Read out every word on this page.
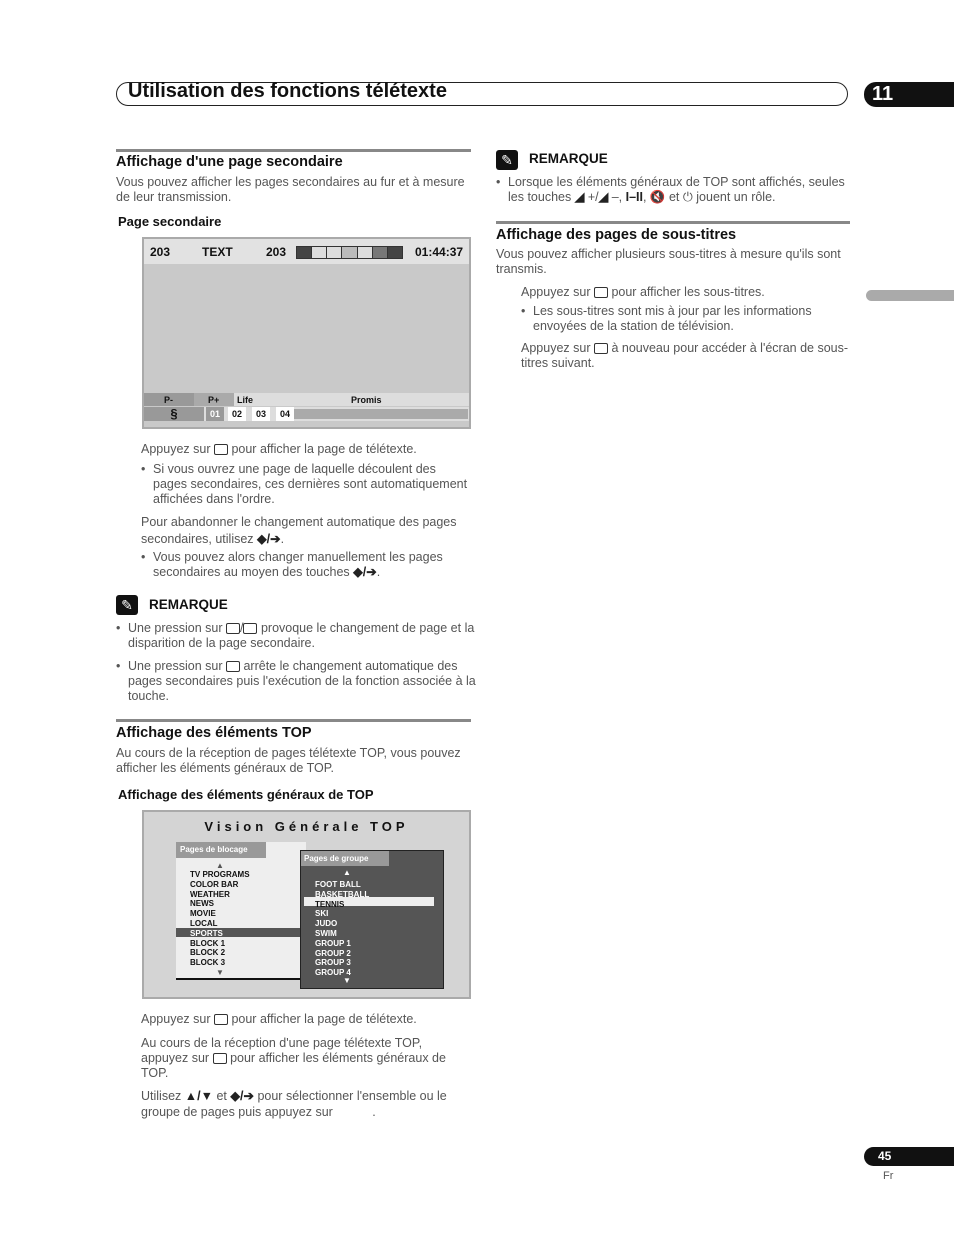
Utilisation des fonctions télétexte	11
Affichage d'une page secondaire
Vous pouvez afficher les pages secondaires au fur et à mesure de leur transmission.
Page secondaire
203	TEXT	203	01:44:37
P-	P+ Life	Promis
§	01	02	03	04
Appuyez sur pour afficher la page de télétexte.
• Si vous ouvrez une page de laquelle découlent des pages secondaires, ces dernières sont automatiquement affichées dans l'ordre.
Pour abandonner le changement automatique des pages secondaires, utilisez ◆/➔.
• Vous pouvez alors changer manuellement les pages secondaires au moyen des touches ◆/➔.
✎	REMARQUE
• Une pression sur / provoque le changement de page et la disparition de la page secondaire.
• Une pression sur arrête le changement automatique des pages secondaires puis l'exécution de la fonction associée à la touche.
Affichage des éléments TOP
Au cours de la réception de pages télétexte TOP, vous pouvez afficher les éléments généraux de TOP.
Affichage des éléments généraux de TOP
Vision Générale TOP
Pages de blocage
▲
TV PROGRAMS
COLOR BAR
WEATHER
NEWS
MOVIE
LOCAL
SPORTS
BLOCK 1
BLOCK 2
BLOCK 3
▼
Pages de groupe
▲
FOOT BALL
BASKETBALL
TENNIS
SKI
JUDO
SWIM
GROUP 1
GROUP 2
GROUP 3
GROUP 4
▼
Appuyez sur pour afficher la page de télétexte.
Au cours de la réception d'une page télétexte TOP, appuyez sur pour afficher les éléments généraux de TOP.
Utilisez ▲/▼ et ◆/➔ pour sélectionner l'ensemble ou le groupe de pages puis appuyez sur	.
✎	REMARQUE
• Lorsque les éléments généraux de TOP sont affichés, seules les touches ◢ +/◢ –, I–II, 🔇 et ⏻ jouent un rôle.
Affichage des pages de sous-titres
Vous pouvez afficher plusieurs sous-titres à mesure qu'ils sont transmis.
Appuyez sur pour afficher les sous-titres.
• Les sous-titres sont mis à jour par les informations envoyées de la station de télévision.
Appuyez sur à nouveau pour accéder à l'écran de sous-titres suivant.
45
Fr
